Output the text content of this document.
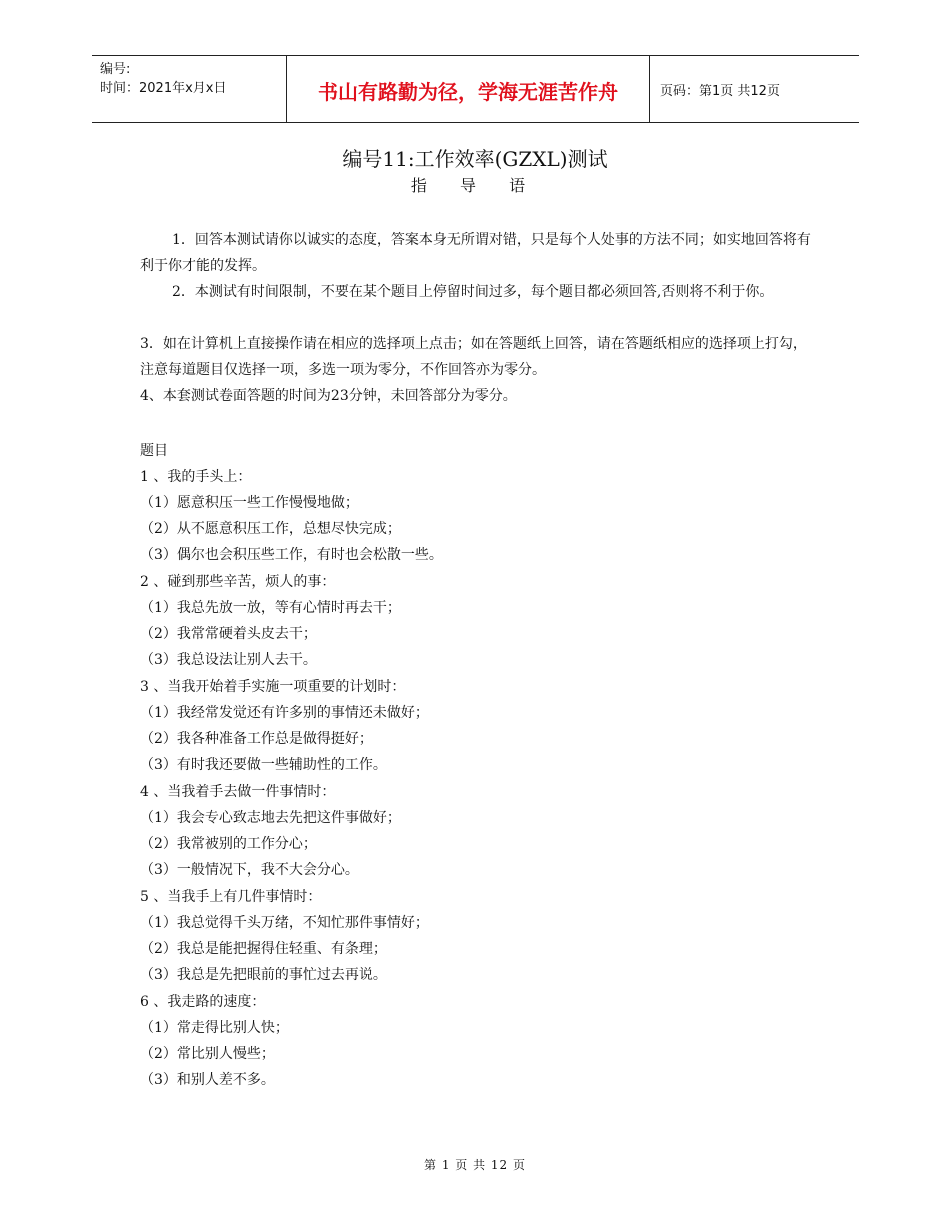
编号:
时间：2021年x月x日	书山有路勤为径，学海无涯苦作舟	页码：第1页 共12页
编号11:工作效率(GZXL)测试
指 导 语
1．回答本测试请你以诚实的态度，答案本身无所谓对错，只是每个人处事的方法不同；如实地回答将有利于你才能的发挥。
2．本测试有时间限制，不要在某个题目上停留时间过多，每个题目都必须回答,否则将不利于你。
3．如在计算机上直接操作请在相应的选择项上点击；如在答题纸上回答，请在答题纸相应的选择项上打勾，注意每道题目仅选择一项，多选一项为零分，不作回答亦为零分。
4、本套测试卷面答题的时间为23分钟，未回答部分为零分。
题目
1 、我的手头上：
（1）愿意积压一些工作慢慢地做；
（2）从不愿意积压工作，总想尽快完成；
（3）偶尔也会积压些工作，有时也会松散一些。
2 、碰到那些辛苦，烦人的事：
（1）我总先放一放，等有心情时再去干；
（2）我常常硬着头皮去干；
（3）我总设法让别人去干。
3 、当我开始着手实施一项重要的计划时：
（1）我经常发觉还有许多别的事情还未做好；
（2）我各种准备工作总是做得挺好；
（3）有时我还要做一些辅助性的工作。
4 、当我着手去做一件事情时：
（1）我会专心致志地去先把这件事做好；
（2）我常被别的工作分心；
（3）一般情况下，我不大会分心。
5 、当我手上有几件事情时：
（1）我总觉得千头万绪，不知忙那件事情好；
（2）我总是能把握得住轻重、有条理；
（3）我总是先把眼前的事忙过去再说。
6 、我走路的速度：
（1）常走得比别人快；
（2）常比别人慢些；
（3）和别人差不多。
第 1 页 共 12 页
